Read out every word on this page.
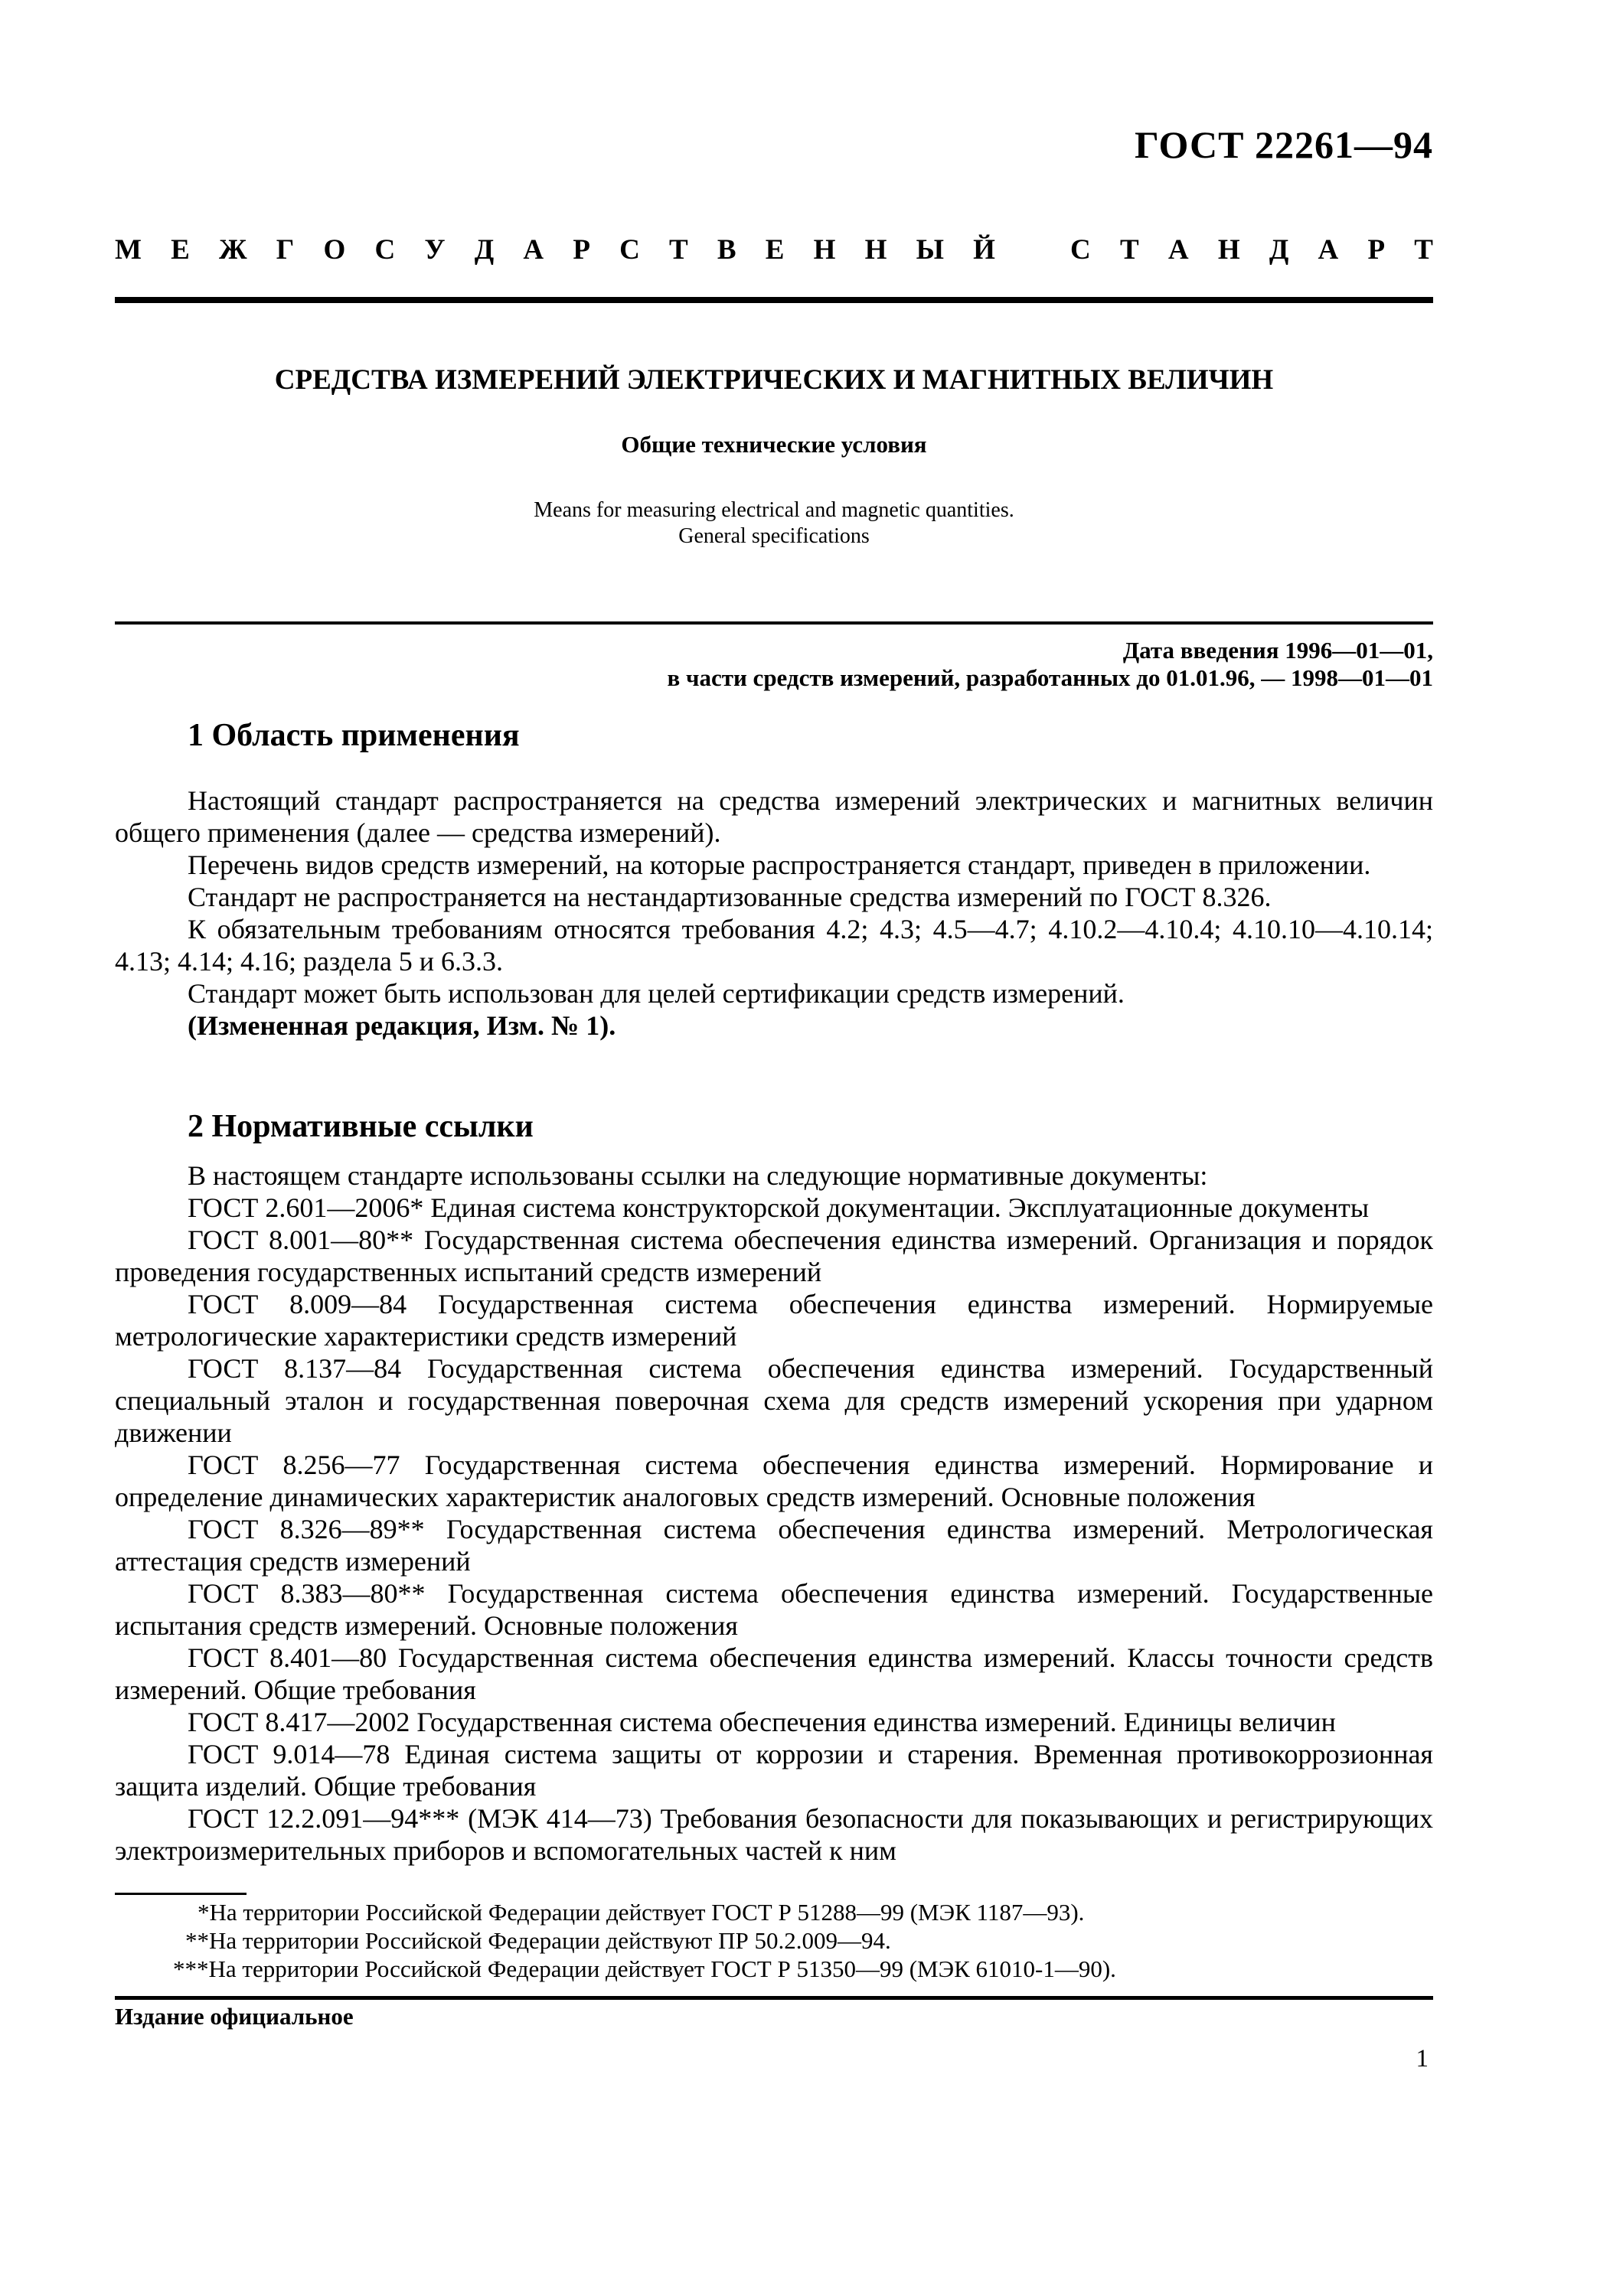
ГОСТ 22261—94
М Е Ж Г О С У Д А Р С Т В Е Н Н Ы Й	С Т А Н Д А Р Т
СРЕДСТВА ИЗМЕРЕНИЙ ЭЛЕКТРИЧЕСКИХ И МАГНИТНЫХ ВЕЛИЧИН
Общие технические условия
Means for measuring electrical and magnetic quantities.
General specifications
Дата введения 1996—01—01,
в части средств измерений, разработанных до 01.01.96, — 1998—01—01
1 Область применения

Настоящий стандарт распространяется на средства измерений электрических и магнитных величин общего применения (далее — средства измерений).

Перечень видов средств измерений, на которые распространяется стандарт, приведен в приложении.

Стандарт не распространяется на нестандартизованные средства измерений по ГОСТ 8.326.

К обязательным требованиям относятся требования 4.2; 4.3; 4.5—4.7; 4.10.2—4.10.4; 4.10.10—4.10.14; 4.13; 4.14; 4.16; раздела 5 и 6.3.3.

Стандарт может быть использован для целей сертификации средств измерений.

(Измененная редакция, Изм. № 1).

2 Нормативные ссылки

В настоящем стандарте использованы ссылки на следующие нормативные документы:

ГОСТ 2.601—2006* Единая система конструкторской документации. Эксплуатационные документы

ГОСТ 8.001—80** Государственная система обеспечения единства измерений. Организация и порядок проведения государственных испытаний средств измерений

ГОСТ 8.009—84 Государственная система обеспечения единства измерений. Нормируемые метрологические характеристики средств измерений

ГОСТ 8.137—84 Государственная система обеспечения единства измерений. Государственный специальный эталон и государственная поверочная схема для средств измерений ускорения при ударном движении

ГОСТ 8.256—77 Государственная система обеспечения единства измерений. Нормирование и определение динамических характеристик аналоговых средств измерений. Основные положения

ГОСТ 8.326—89** Государственная система обеспечения единства измерений. Метрологическая аттестация средств измерений

ГОСТ 8.383—80** Государственная система обеспечения единства измерений. Государственные испытания средств измерений. Основные положения

ГОСТ 8.401—80 Государственная система обеспечения единства измерений. Классы точности средств измерений. Общие требования

ГОСТ 8.417—2002 Государственная система обеспечения единства измерений. Единицы величин

ГОСТ 9.014—78 Единая система защиты от коррозии и старения. Временная противокоррозионная защита изделий. Общие требования

ГОСТ 12.2.091—94*** (МЭК 414—73) Требования безопасности для показывающих и регистрирующих электроизмерительных приборов и вспомогательных частей к ним

*На территории Российской Федерации действует ГОСТ Р 51288—99 (МЭК 1187—93).
**На территории Российской Федерации действуют ПР 50.2.009—94.
***На территории Российской Федерации действует ГОСТ Р 51350—99 (МЭК 61010-1—90).
Издание официальное
1
